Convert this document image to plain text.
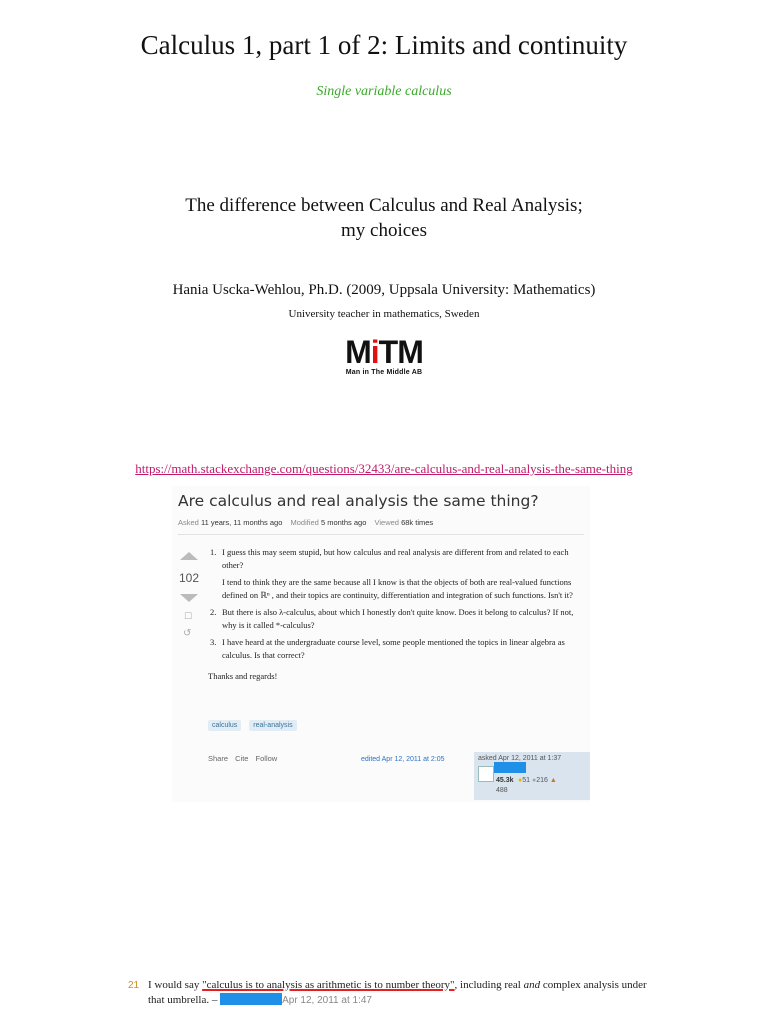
Calculus 1, part 1 of 2: Limits and continuity
Single variable calculus
The difference between Calculus and Real Analysis;
my choices
Hania Uscka-Wehlou, Ph.D. (2009, Uppsala University: Mathematics)
University teacher in mathematics, Sweden
MiTM
Man in The Middle AB
https://math.stackexchange.com/questions/32433/are-calculus-and-real-analysis-the-same-thing
Are calculus and real analysis the same thing?
Asked 11 years, 11 months ago Modified 5 months ago Viewed 68k times
102
☐
↺
1. I guess this may seem stupid, but how calculus and real analysis are different from and related to each other?

I tend to think they are the same because all I know is that the objects of both are real-valued functions defined on ℝⁿ , and their topics are continuity, differentiation and integration of such functions. Isn't it?

2. But there is also λ-calculus, about which I honestly don't quite know. Does it belong to calculus? If not, why is it called *-calculus?

3. I have heard at the undergraduate course level, some people mentioned the topics in linear algebra as calculus. Is that correct?

Thanks and regards!

calculus real-analysis
Share Cite Follow	edited Apr 12, 2011 at 2:05	asked Apr 12, 2011 at 1:37
45.3k ●51 ●216 ▲
488
21 I would say "calculus is to analysis as arithmetic is to number theory", including real and complex analysis under that umbrella. –	Apr 12, 2011 at 1:47
